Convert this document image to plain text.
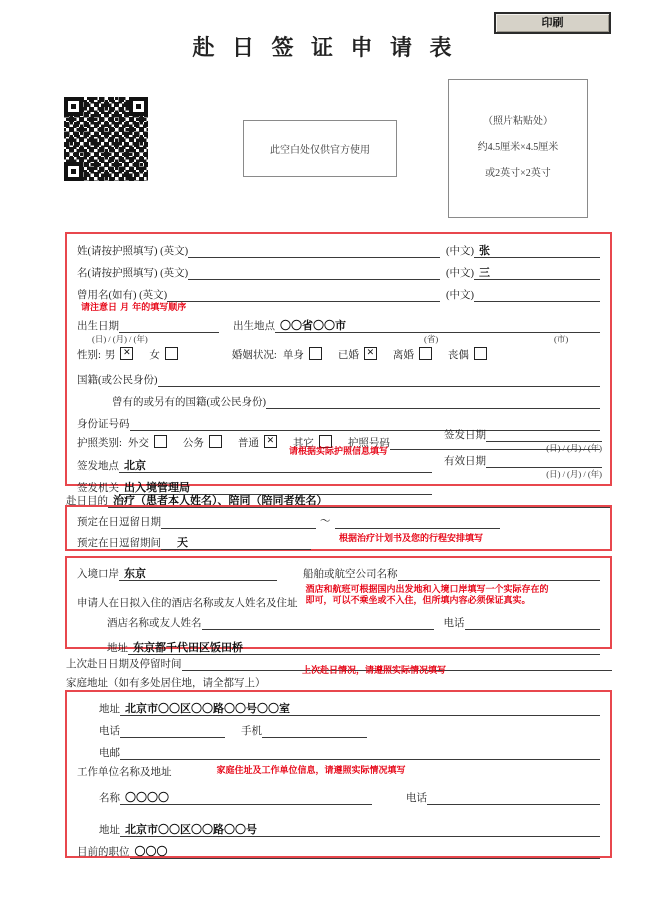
印刷
赴 日 签 证 申 请 表
此空白处仅供官方使用
（照片粘贴处）
约4.5厘米×4.5厘米
或2英寸×2英寸
姓(请按护照填写) (英文)	(中文) 张
名(请按护照填写) (英文)	(中文) 三
曾用名(如有) (英文)	(中文)
请注意日 月 年的填写顺序
出生日期	出生地点 〇〇省〇〇市
(日) / (月) / (年)	(省)	(市)
性别: 男 ✕ 女	婚姻状况: 单身	已婚 ✕ 离婚	丧偶
国籍(或公民身份)
曾有的或另有的国籍(或公民身份)
身份证号码
护照类别: 外交	公务	普通 ✕ 其它	护照号码
签发地点 北京
签发机关 出入境管理局
请根据实际护照信息填写
签发日期
(日) / (月) / (年)
有效日期
(日) / (月) / (年)
赴日目的 治疗（患者本人姓名）、陪同（陪同者姓名）
预定在日逗留日期	～
预定在日逗留期间	天	根据治疗计划书及您的行程安排填写
入境口岸 东京	船舶或航空公司名称
申请人在日拟入住的酒店名称或友人姓名及住址
酒店和航班可根据国内出发地和入境口岸填写一个实际存在的
即可，可以不乘坐或不入住，但所填内容必须保证真实。
酒店名称或友人姓名	电话
地址 东京都千代田区饭田桥
上次赴日日期及停留时间
家庭地址（如有多处居住地，请全都写上）
上次赴日情况，请遵照实际情况填写
地址 北京市〇〇区〇〇路〇〇号〇〇室
电话	手机
电邮
工作单位名称及地址	家庭住址及工作单位信息，请遵照实际情况填写
名称 〇〇〇〇	电话
地址 北京市〇〇区〇〇路〇〇号
目前的职位 〇〇〇
